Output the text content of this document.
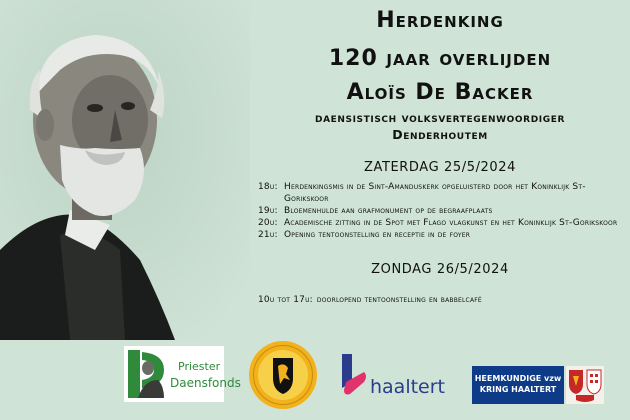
Herdenking
120 jaar overlijden
Aloïs De Backer
daensistisch volksvertegenwoordiger
Denderhoutem
ZATERDAG 25/5/2024
18u: Herdenkingsmis in de Sint-Amanduskerk opgeluisterd door het Koninklijk St-Gorikskoor
19u: Bloemenhulde aan grafmonument op de begraafplaats
20u: Academische zitting in de Spot met Flago vlagkunst en het Koninklijk St-Gorikskoor
21u: Opening tentoonstelling en receptie in de foyer
ZONDAG 26/5/2024
10u tot 17u: doorlopend tentoonstelling en babbelcafé
Priester
Daensfonds	haaltert	HEEMKUNDIGE vzw
KRING HAALTERT
